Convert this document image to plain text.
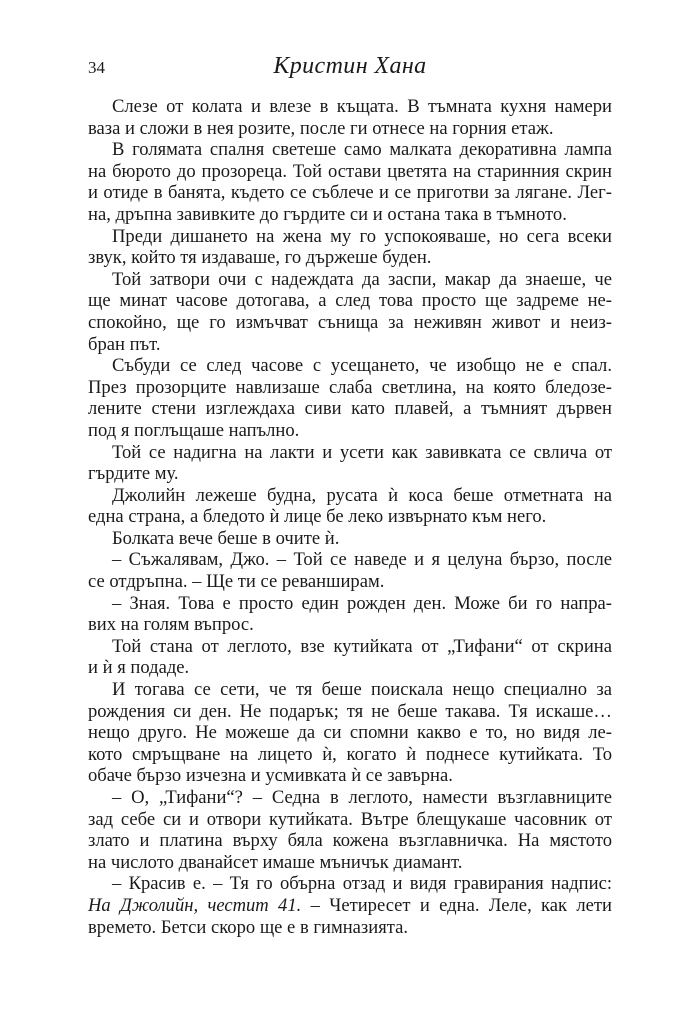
34	Кристин Хана
Слезе от колата и влезе в къщата. В тъмната кухня намери
ваза и сложи в нея розите, после ги отнесе на горния етаж.
В голямата спалня светеше само малката декоративна лампа
на бюрото до прозореца. Той остави цветята на старинния скрин
и отиде в банята, където се съблече и се приготви за лягане. Лег-
на, дръпна завивките до гърдите си и остана така в тъмното.
Преди дишането на жена му го успокояваше, но сега всеки
звук, който тя издаваше, го държеше буден.
Той затвори очи с надеждата да заспи, макар да знаеше, че
ще минат часове дотогава, а след това просто ще задреме не-
спокойно, ще го измъчват сънища за неживян живот и неиз-
бран път.
Събуди се след часове с усещането, че изобщо не е спал.
През прозорците навлизаше слаба светлина, на която бледозе-
лените стени изглеждаха сиви като плавей, а тъмният дървен
под я поглъщаше напълно.
Той се надигна на лакти и усети как завивката се свлича от
гърдите му.
Джолийн лежеше будна, русата ѝ коса беше отметната на
една страна, а бледото ѝ лице бе леко извърнато към него.
Болката вече беше в очите ѝ.
– Съжалявам, Джо. – Той се наведе и я целуна бързо, после
се отдръпна. – Ще ти се реванширам.
– Зная. Това е просто един рожден ден. Може би го напра-
вих на голям въпрос.
Той стана от леглото, взе кутийката от „Тифани“ от скрина
и ѝ я подаде.
И тогава се сети, че тя беше поискала нещо специално за
рождения си ден. Не подарък; тя не беше такава. Тя искаше…
нещо друго. Не можеше да си спомни какво е то, но видя ле-
кото смръщване на лицето ѝ, когато ѝ поднесе кутийката. То
обаче бързо изчезна и усмивката ѝ се завърна.
– О, „Тифани“? – Седна в леглото, намести възглавниците
зад себе си и отвори кутийката. Вътре блещукаше часовник от
злато и платина върху бяла кожена възглавничка. На мястото
на числото дванайсет имаше мъничък диамант.
– Красив е. – Тя го обърна отзад и видя гравирания надпис:
На Джолийн, честит 41. – Четиресет и една. Леле, как лети
времето. Бетси скоро ще е в гимназията.
